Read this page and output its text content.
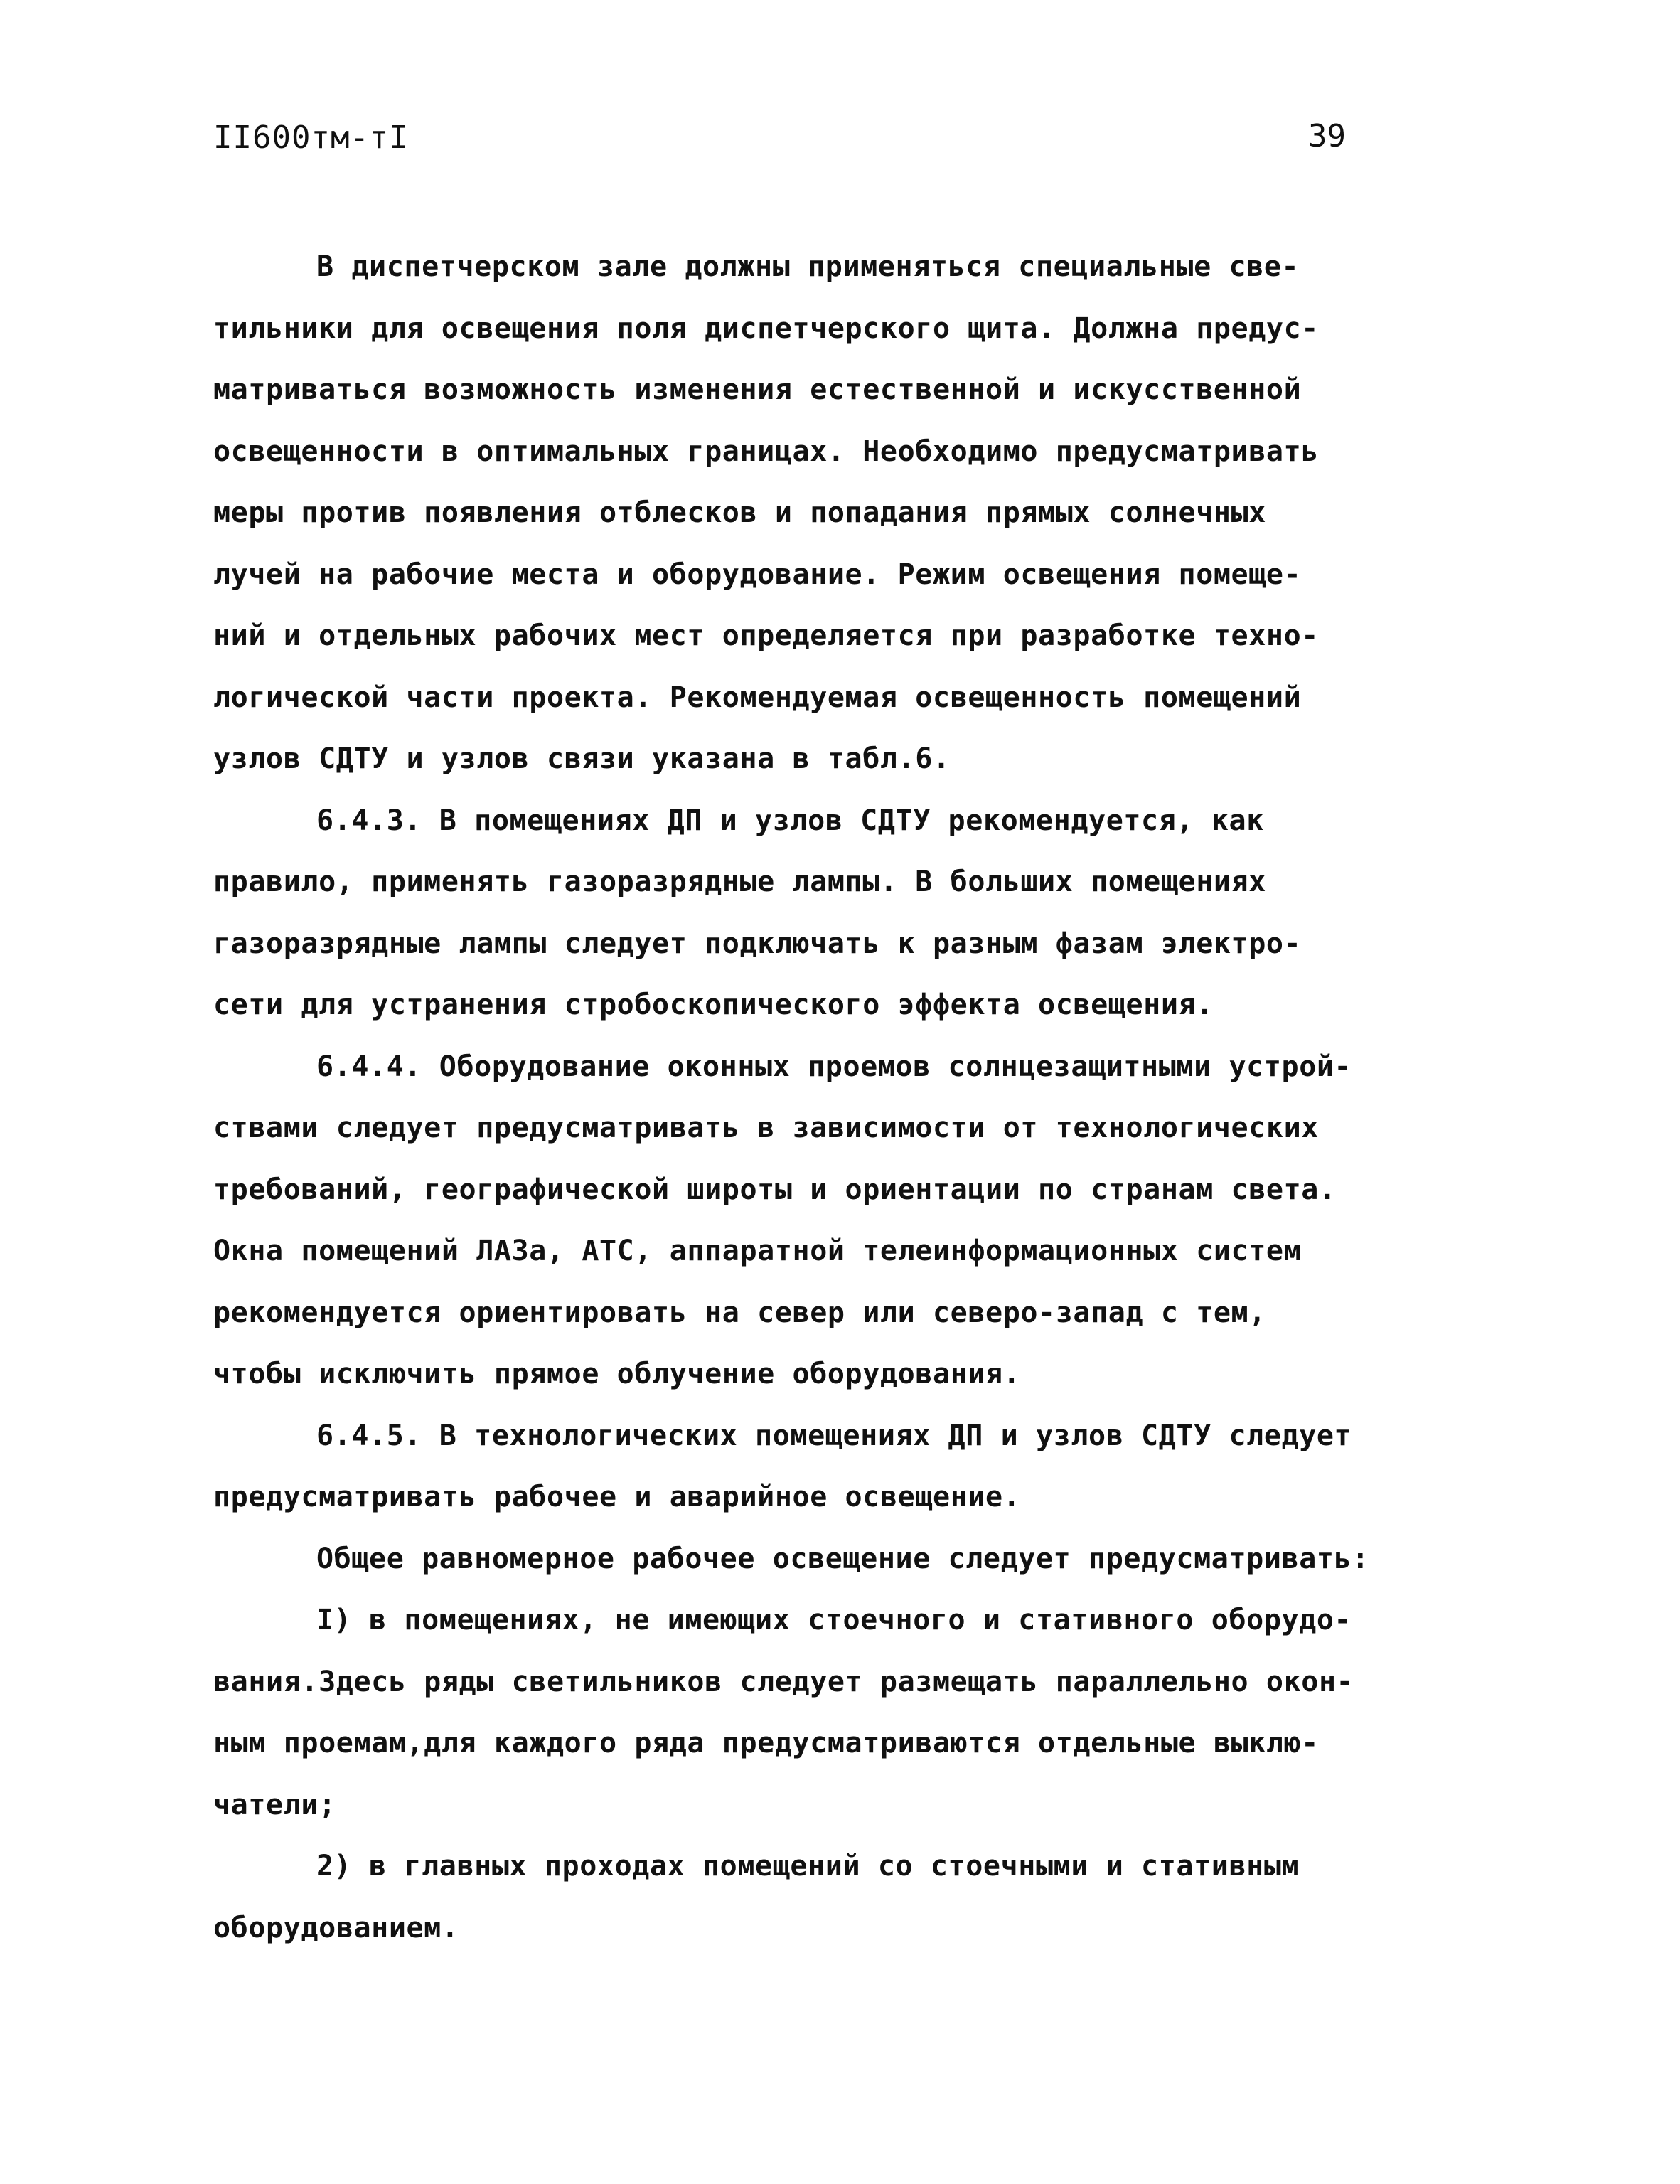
II600тм-тI	39
В диспетчерском зале должны применяться специальные све-
тильники для освещения поля диспетчерского щита. Должна предус-
матриваться возможность изменения естественной и искусственной
освещенности в оптимальных границах. Необходимо предусматривать
меры против появления отблесков и попадания прямых солнечных
лучей на рабочие места и оборудование. Режим освещения помеще-
ний и отдельных рабочих мест определяется при разработке техно-
логической части проекта. Рекомендуемая освещенность помещений
узлов СДТУ и узлов связи указана в табл.6.
6.4.3. В помещениях ДП и узлов СДТУ рекомендуется, как
правило, применять газоразрядные лампы. В больших помещениях
газоразрядные лампы следует подключать к разным фазам электро-
сети для устранения стробоскопического эффекта освещения.
6.4.4. Оборудование оконных проемов солнцезащитными устрой-
ствами следует предусматривать в зависимости от технологических
требований, географической широты и ориентации по странам света.
Окна помещений ЛАЗа, АТС, аппаратной телеинформационных систем
рекомендуется ориентировать на север или северо-запад с тем,
чтобы исключить прямое облучение оборудования.
6.4.5. В технологических помещениях ДП и узлов СДТУ следует
предусматривать рабочее и аварийное освещение.
Общее равномерное рабочее освещение следует предусматривать:
I) в помещениях, не имеющих стоечного и стативного оборудо-
вания.Здесь ряды светильников следует размещать параллельно окон-
ным проемам,для каждого ряда предусматриваются отдельные выклю-
чатели;
2) в главных проходах помещений со стоечными и стативным
оборудованием.
